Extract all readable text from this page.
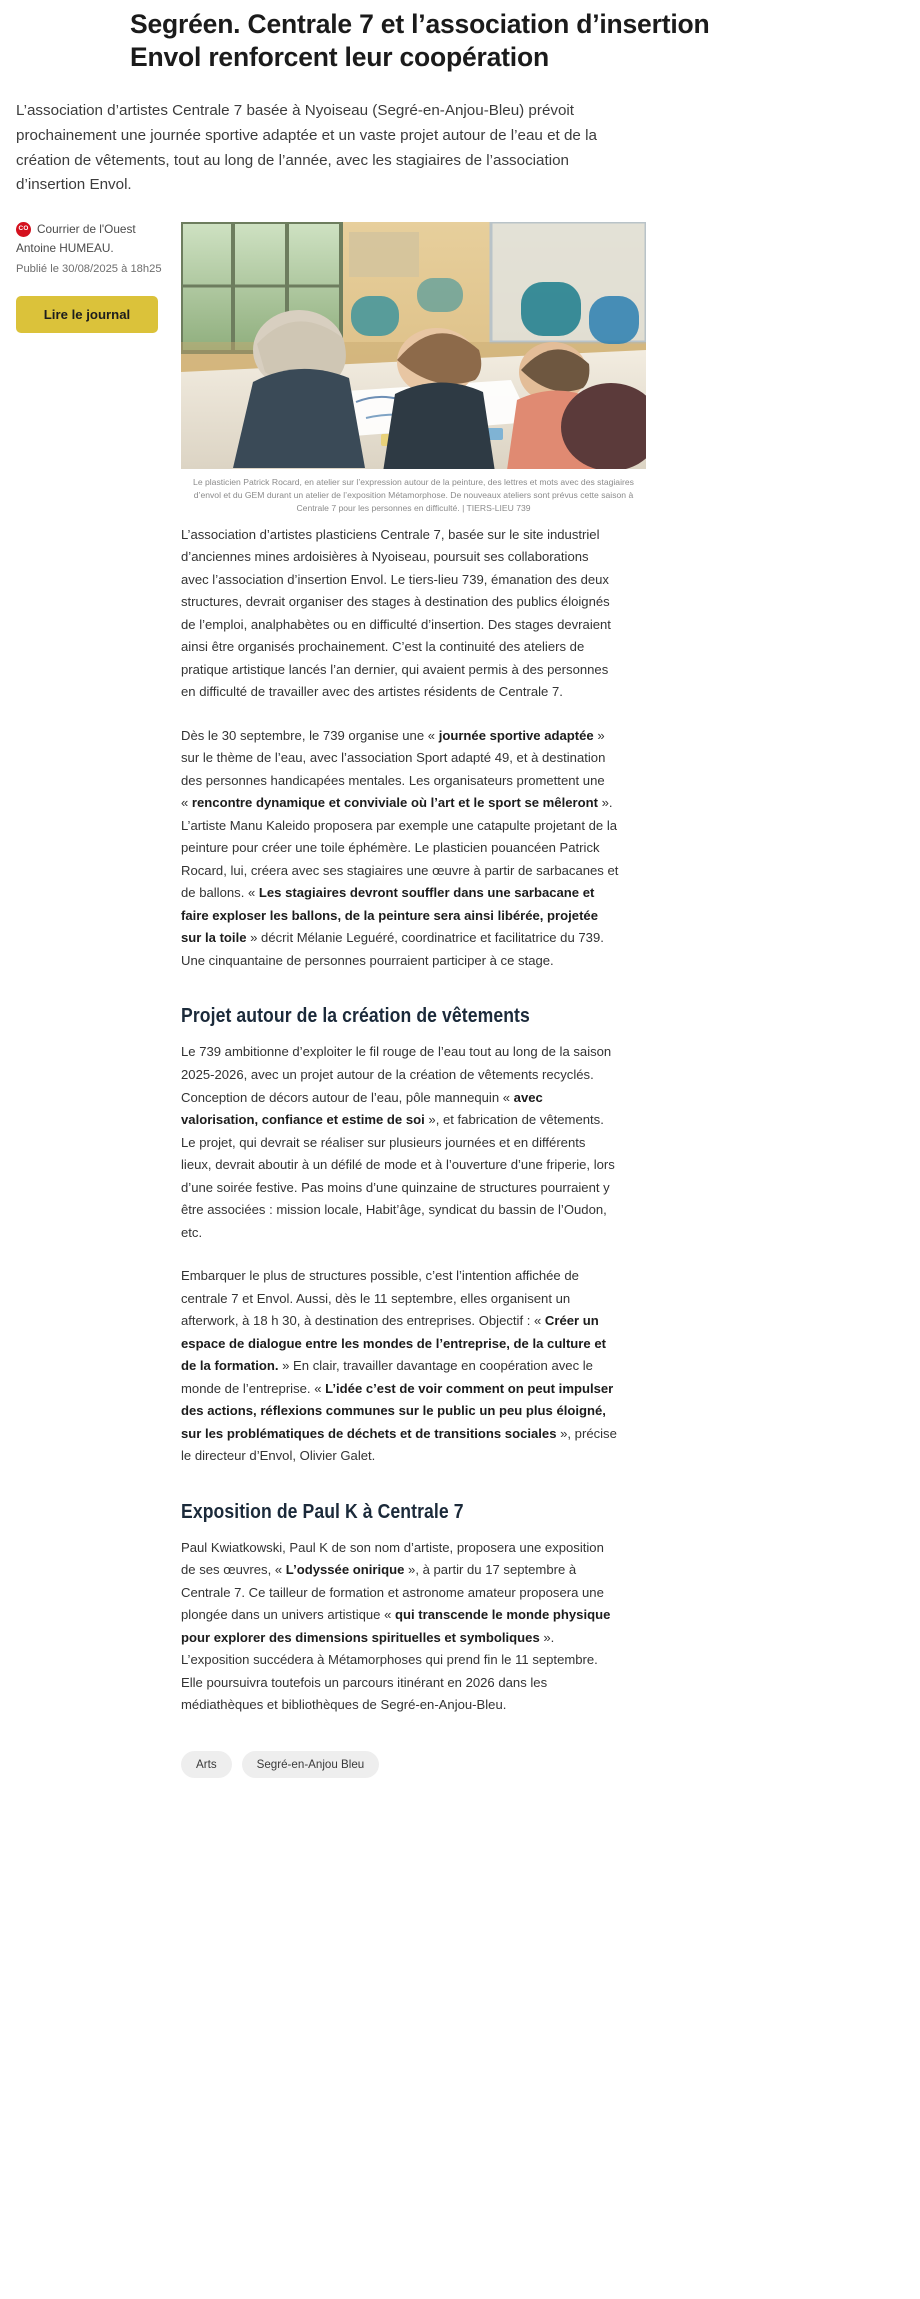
Segréen. Centrale 7 et l’association d’insertion Envol renforcent leur coopération

L’association d’artistes Centrale 7 basée à Nyoiseau (Segré-en-Anjou-Bleu) prévoit prochainement une journée sportive adaptée et un vaste projet autour de l’eau et de la création de vêtements, tout au long de l’année, avec les stagiaires de l’association d’insertion Envol.

CO Courrier de l'Ouest
Antoine HUMEAU.
Publié le 30/08/2025 à 18h25
Lire le journal
Le plasticien Patrick Rocard, en atelier sur l’expression autour de la peinture, des lettres et mots avec des stagiaires d’envol et du GEM durant un atelier de l’exposition Métamorphose. De nouveaux ateliers sont prévus cette saison à Centrale 7 pour les personnes en difficulté. | TIERS-LIEU 739

L’association d’artistes plasticiens Centrale 7, basée sur le site industriel d’anciennes mines ardoisières à Nyoiseau, poursuit ses collaborations avec l’association d’insertion Envol. Le tiers-lieu 739, émanation des deux structures, devrait organiser des stages à destination des publics éloignés de l’emploi, analphabètes ou en difficulté d’insertion. Des stages devraient ainsi être organisés prochainement. C’est la continuité des ateliers de pratique artistique lancés l’an dernier, qui avaient permis à des personnes en difficulté de travailler avec des artistes résidents de Centrale 7.

Dès le 30 septembre, le 739 organise une « journée sportive adaptée » sur le thème de l’eau, avec l’association Sport adapté 49, et à destination des personnes handicapées mentales. Les organisateurs promettent une « rencontre dynamique et conviviale où l’art et le sport se mêleront ». L’artiste Manu Kaleido proposera par exemple une catapulte projetant de la peinture pour créer une toile éphémère. Le plasticien pouancéen Patrick Rocard, lui, créera avec ses stagiaires une œuvre à partir de sarbacanes et de ballons. « Les stagiaires devront souffler dans une sarbacane et faire exploser les ballons, de la peinture sera ainsi libérée, projetée sur la toile » décrit Mélanie Leguéré, coordinatrice et facilitatrice du 739. Une cinquantaine de personnes pourraient participer à ce stage.

Projet autour de la création de vêtements

Le 739 ambitionne d’exploiter le fil rouge de l’eau tout au long de la saison 2025-2026, avec un projet autour de la création de vêtements recyclés. Conception de décors autour de l’eau, pôle mannequin « avec valorisation, confiance et estime de soi », et fabrication de vêtements. Le projet, qui devrait se réaliser sur plusieurs journées et en différents lieux, devrait aboutir à un défilé de mode et à l’ouverture d’une friperie, lors d’une soirée festive. Pas moins d’une quinzaine de structures pourraient y être associées : mission locale, Habit’âge, syndicat du bassin de l’Oudon, etc.

Embarquer le plus de structures possible, c’est l’intention affichée de centrale 7 et Envol. Aussi, dès le 11 septembre, elles organisent un afterwork, à 18 h 30, à destination des entreprises. Objectif : « Créer un espace de dialogue entre les mondes de l’entreprise, de la culture et de la formation. » En clair, travailler davantage en coopération avec le monde de l’entreprise. « L’idée c’est de voir comment on peut impulser des actions, réflexions communes sur le public un peu plus éloigné, sur les problématiques de déchets et de transitions sociales », précise le directeur d’Envol, Olivier Galet.

Exposition de Paul K à Centrale 7

Paul Kwiatkowski, Paul K de son nom d’artiste, proposera une exposition de ses œuvres, « L’odyssée onirique », à partir du 17 septembre à Centrale 7. Ce tailleur de formation et astronome amateur proposera une plongée dans un univers artistique « qui transcende le monde physique pour explorer des dimensions spirituelles et symboliques ». L’exposition succédera à Métamorphoses qui prend fin le 11 septembre. Elle poursuivra toutefois un parcours itinérant en 2026 dans les médiathèques et bibliothèques de Segré-en-Anjou-Bleu.

Arts	Segré-en-Anjou Bleu
